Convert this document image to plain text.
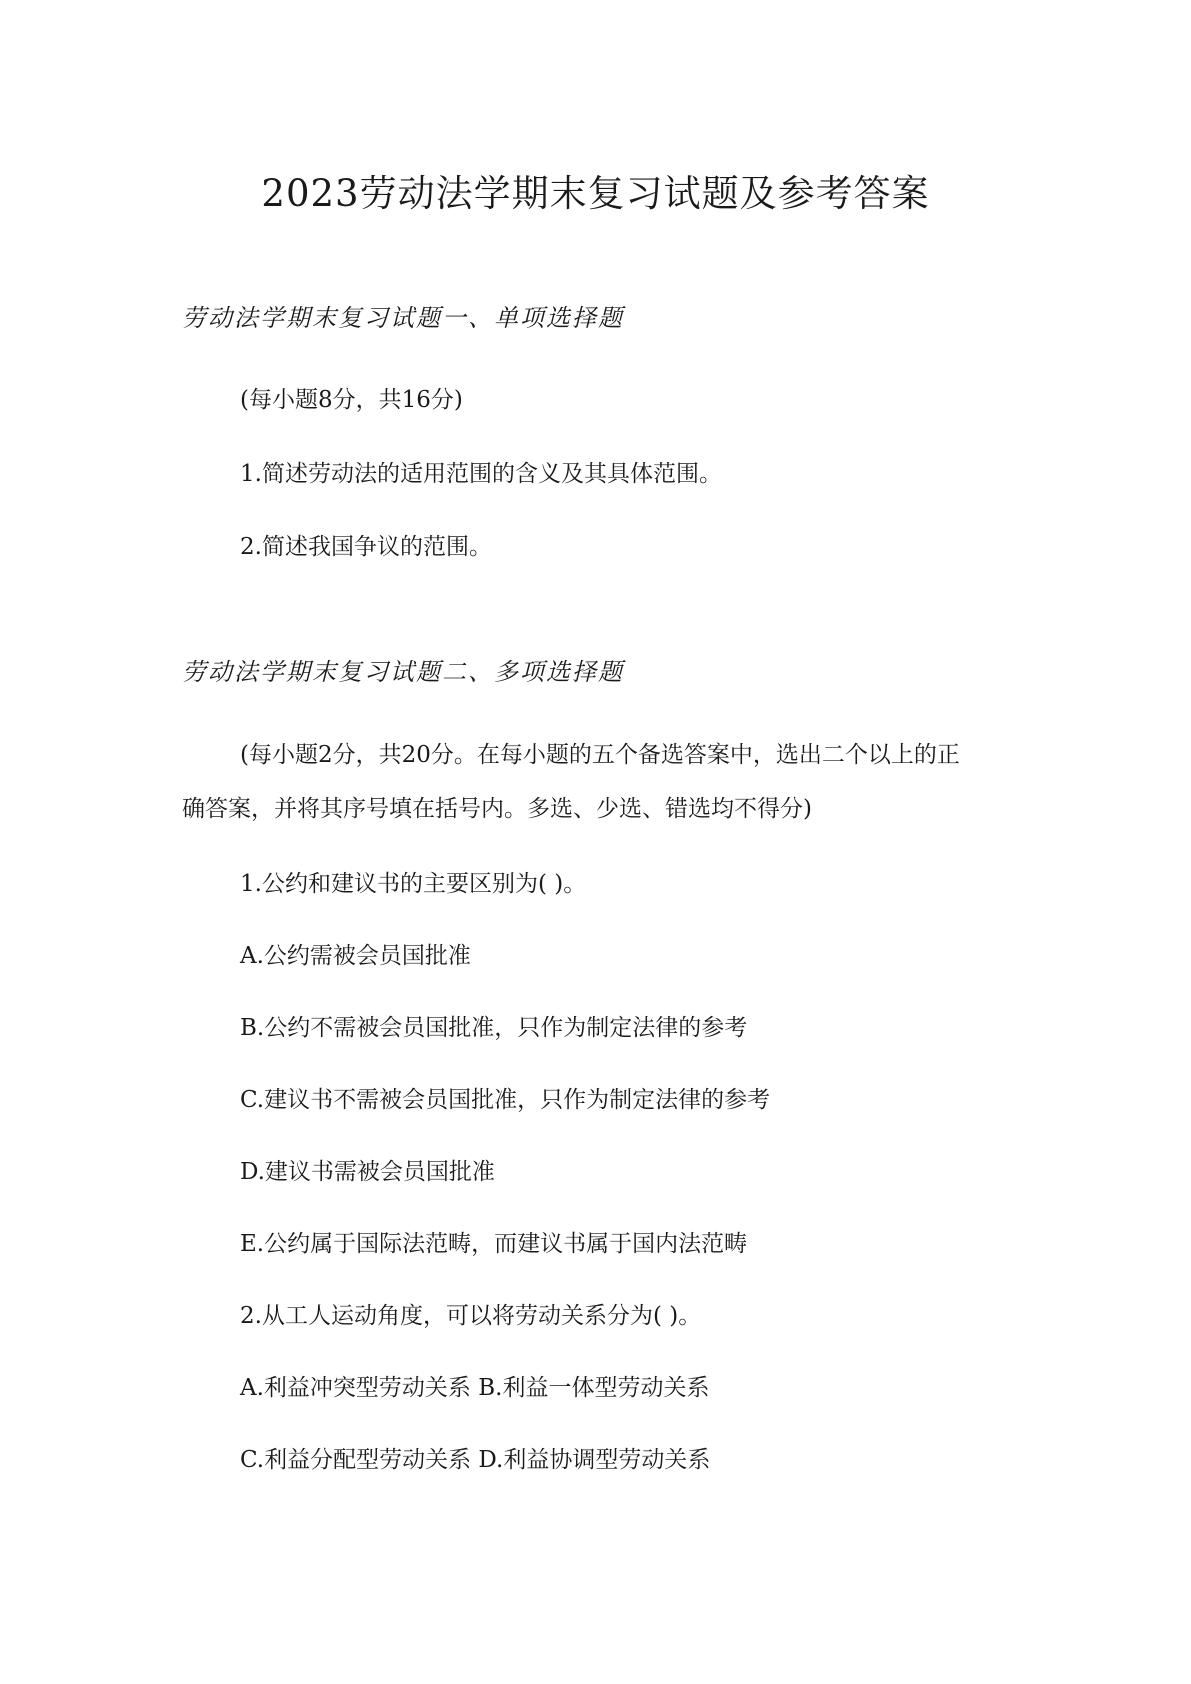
2023劳动法学期末复习试题及参考答案
劳动法学期末复习试题一、单项选择题
(每小题8分，共16分)
1.简述劳动法的适用范围的含义及其具体范围。
2.简述我国争议的范围。
劳动法学期末复习试题二、多项选择题
(每小题2分，共20分。在每小题的五个备选答案中，选出二个以上的正
确答案，并将其序号填在括号内。多选、少选、错选均不得分)
1.公约和建议书的主要区别为( )。
A.公约需被会员国批准
B.公约不需被会员国批准，只作为制定法律的参考
C.建议书不需被会员国批准，只作为制定法律的参考
D.建议书需被会员国批准
E.公约属于国际法范畴，而建议书属于国内法范畴
2.从工人运动角度，可以将劳动关系分为( )。
A.利益冲突型劳动关系 B.利益一体型劳动关系
C.利益分配型劳动关系 D.利益协调型劳动关系
